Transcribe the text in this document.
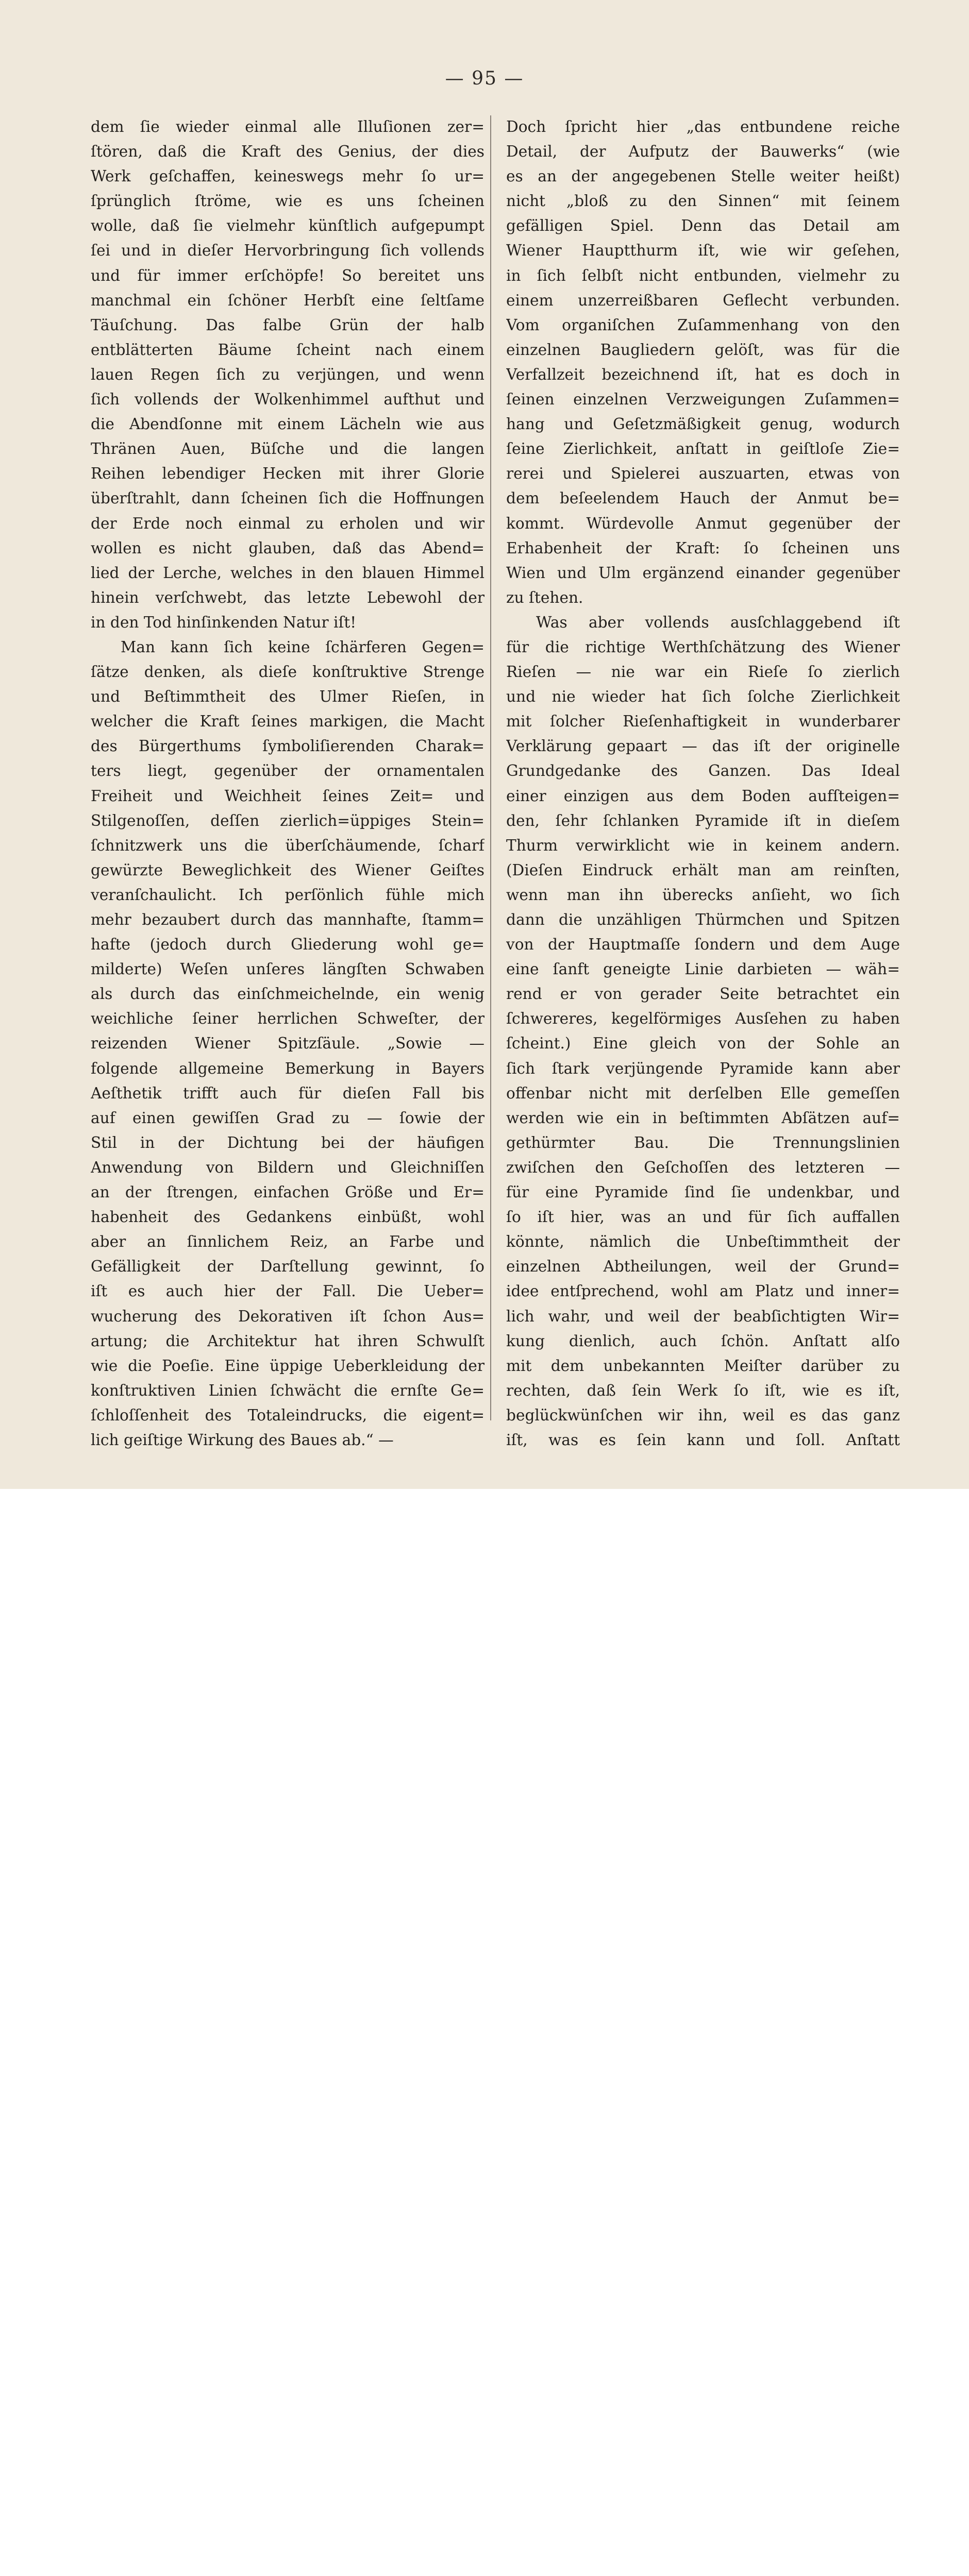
— 95 —
dem ſie wieder einmal alle Illuſionen zer=
ſtören, daß die Kraft des Genius, der dies
Werk geſchaffen, keineswegs mehr ſo ur=
ſprünglich ſtröme, wie es uns ſcheinen
wolle, daß ſie vielmehr künſtlich aufgepumpt
ſei und in dieſer Hervorbringung ſich vollends
und für immer erſchöpfe! So bereitet uns
manchmal ein ſchöner Herbſt eine ſeltſame
Täuſchung. Das falbe Grün der halb
entblätterten Bäume ſcheint nach einem
lauen Regen ſich zu verjüngen, und wenn
ſich vollends der Wolkenhimmel aufthut und
die Abendſonne mit einem Lächeln wie aus
Thränen Auen, Büſche und die langen
Reihen lebendiger Hecken mit ihrer Glorie
überſtrahlt, dann ſcheinen ſich die Hoffnungen
der Erde noch einmal zu erholen und wir
wollen es nicht glauben, daß das Abend=
lied der Lerche, welches in den blauen Himmel
hinein verſchwebt, das letzte Lebewohl der
in den Tod hinſinkenden Natur iſt!
Man kann ſich keine ſchärferen Gegen=
ſätze denken, als dieſe konſtruktive Strenge
und Beſtimmtheit des Ulmer Rieſen, in
welcher die Kraft ſeines markigen, die Macht
des Bürgerthums ſymboliſierenden Charak=
ters liegt, gegenüber der ornamentalen
Freiheit und Weichheit ſeines Zeit= und
Stilgenoſſen, deſſen zierlich=üppiges Stein=
ſchnitzwerk uns die überſchäumende, ſcharf
gewürzte Beweglichkeit des Wiener Geiſtes
veranſchaulicht. Ich perſönlich fühle mich
mehr bezaubert durch das mannhafte, ſtamm=
hafte (jedoch durch Gliederung wohl ge=
milderte) Weſen unſeres längſten Schwaben
als durch das einſchmeichelnde, ein wenig
weichliche ſeiner herrlichen Schweſter, der
reizenden Wiener Spitzſäule. „Sowie —
folgende allgemeine Bemerkung in Bayers
Aeſthetik trifft auch für dieſen Fall bis
auf einen gewiſſen Grad zu — ſowie der
Stil in der Dichtung bei der häufigen
Anwendung von Bildern und Gleichniſſen
an der ſtrengen, einfachen Größe und Er=
habenheit des Gedankens einbüßt, wohl
aber an ſinnlichem Reiz, an Farbe und
Gefälligkeit der Darſtellung gewinnt, ſo
iſt es auch hier der Fall. Die Ueber=
wucherung des Dekorativen iſt ſchon Aus=
artung; die Architektur hat ihren Schwulſt
wie die Poeſie. Eine üppige Ueberkleidung der
konſtruktiven Linien ſchwächt die ernſte Ge=
ſchloſſenheit des Totaleindrucks, die eigent=
lich geiſtige Wirkung des Baues ab.“ —
Doch ſpricht hier „das entbundene reiche
Detail, der Aufputz der Bauwerks“ (wie
es an der angegebenen Stelle weiter heißt)
nicht „bloß zu den Sinnen“ mit ſeinem
gefälligen Spiel. Denn das Detail am
Wiener Hauptthurm iſt, wie wir geſehen,
in ſich ſelbſt nicht entbunden, vielmehr zu
einem unzerreißbaren Geflecht verbunden.
Vom organiſchen Zuſammenhang von den
einzelnen Baugliedern gelöſt, was für die
Verfallzeit bezeichnend iſt, hat es doch in
ſeinen einzelnen Verzweigungen Zuſammen=
hang und Geſetzmäßigkeit genug, wodurch
ſeine Zierlichkeit, anſtatt in geiſtloſe Zie=
rerei und Spielerei auszuarten, etwas von
dem beſeelendem Hauch der Anmut be=
kommt. Würdevolle Anmut gegenüber der
Erhabenheit der Kraft: ſo ſcheinen uns
Wien und Ulm ergänzend einander gegenüber
zu ſtehen.
Was aber vollends ausſchlaggebend iſt
für die richtige Werthſchätzung des Wiener
Rieſen — nie war ein Rieſe ſo zierlich
und nie wieder hat ſich ſolche Zierlichkeit
mit ſolcher Rieſenhaftigkeit in wunderbarer
Verklärung gepaart — das iſt der originelle
Grundgedanke des Ganzen. Das Ideal
einer einzigen aus dem Boden aufſteigen=
den, ſehr ſchlanken Pyramide iſt in dieſem
Thurm verwirklicht wie in keinem andern.
(Dieſen Eindruck erhält man am reinſten,
wenn man ihn überecks anſieht, wo ſich
dann die unzähligen Thürmchen und Spitzen
von der Hauptmaſſe ſondern und dem Auge
eine ſanft geneigte Linie darbieten — wäh=
rend er von gerader Seite betrachtet ein
ſchwereres, kegelförmiges Ausſehen zu haben
ſcheint.) Eine gleich von der Sohle an
ſich ſtark verjüngende Pyramide kann aber
offenbar nicht mit derſelben Elle gemeſſen
werden wie ein in beſtimmten Abſätzen auf=
gethürmter Bau. Die Trennungslinien
zwiſchen den Geſchoſſen des letzteren —
für eine Pyramide ſind ſie undenkbar, und
ſo iſt hier, was an und für ſich auffallen
könnte, nämlich die Unbeſtimmtheit der
einzelnen Abtheilungen, weil der Grund=
idee entſprechend, wohl am Platz und inner=
lich wahr, und weil der beabſichtigten Wir=
kung dienlich, auch ſchön. Anſtatt alſo
mit dem unbekannten Meiſter darüber zu
rechten, daß ſein Werk ſo iſt, wie es iſt,
beglückwünſchen wir ihn, weil es das ganz
iſt, was es ſein kann und ſoll. Anſtatt
